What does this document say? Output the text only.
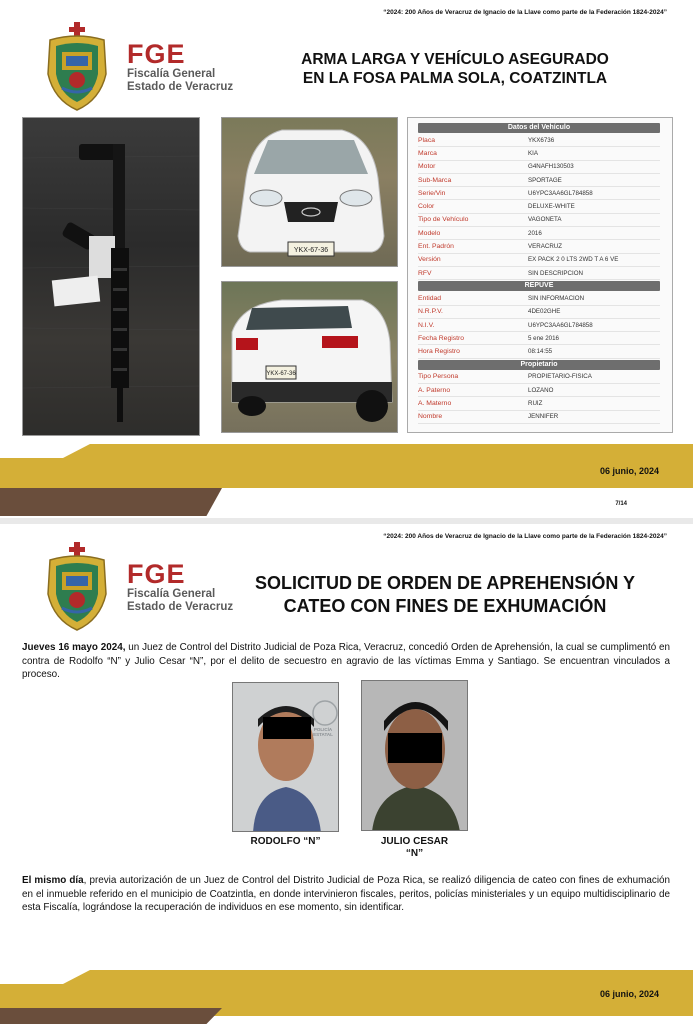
“2024: 200 Años de Veracruz de Ignacio de la Llave como parte de la Federación 1824-2024”
FGE
Fiscalía General
Estado de Veracruz
ARMA LARGA Y VEHÍCULO ASEGURADO
EN LA FOSA PALMA SOLA, COATZINTLA
YKX-67-36
YKX-67-36
Datos del Vehículo
Placa	YKX6736
Marca	KIA
Motor	G4NAFH130503
Sub-Marca	SPORTAGE
Serie/Vin	U6YPC3AA6GL784858
Color	DELUXE-WHITE
Tipo de Vehículo	VAGONETA
Modelo	2016
Ent. Padrón	VERACRUZ
Versión	EX PACK 2 0 LTS 2WD T A 6 VE
RFV	SIN DESCRIPCION
REPUVE
Entidad	SIN INFORMACION
N.R.P.V.	4DE02GHE
N.I.V.	U6YPC3AA6GL784858
Fecha Registro	5 ene 2016
Hora Registro	08:14:55
Propietario
Tipo Persona	PROPIETARIO-FISICA
A. Paterno	LOZANO
A. Materno	RUIZ
Nombre	JENNIFER
06 junio, 2024
7/14
“2024: 200 Años de Veracruz de Ignacio de la Llave como parte de la Federación 1824-2024”
FGE
Fiscalía General
Estado de Veracruz
SOLICITUD DE ORDEN DE APREHENSIÓN Y
CATEO CON FINES DE EXHUMACIÓN
Jueves 16 mayo 2024, un Juez de Control del Distrito Judicial de Poza Rica, Veracruz, concedió Orden de Aprehensión, la cual se cumplimentó en contra de Rodolfo “N” y Julio Cesar “N”, por el delito de secuestro en agravio de las víctimas Emma y Santiago. Se encuentran vinculados a proceso.
POLICÍA ESTATAL
RODOLFO “N”	JULIO CESAR
“N”
El mismo día, previa autorización de un Juez de Control del Distrito Judicial de Poza Rica, se realizó diligencia de cateo con fines de exhumación en el inmueble referido en el municipio de Coatzintla, en donde intervinieron fiscales, peritos, policías ministeriales y un equipo multidisciplinario de esta Fiscalía, lográndose la recuperación de individuos en ese momento, sin identificar.
06 junio, 2024
